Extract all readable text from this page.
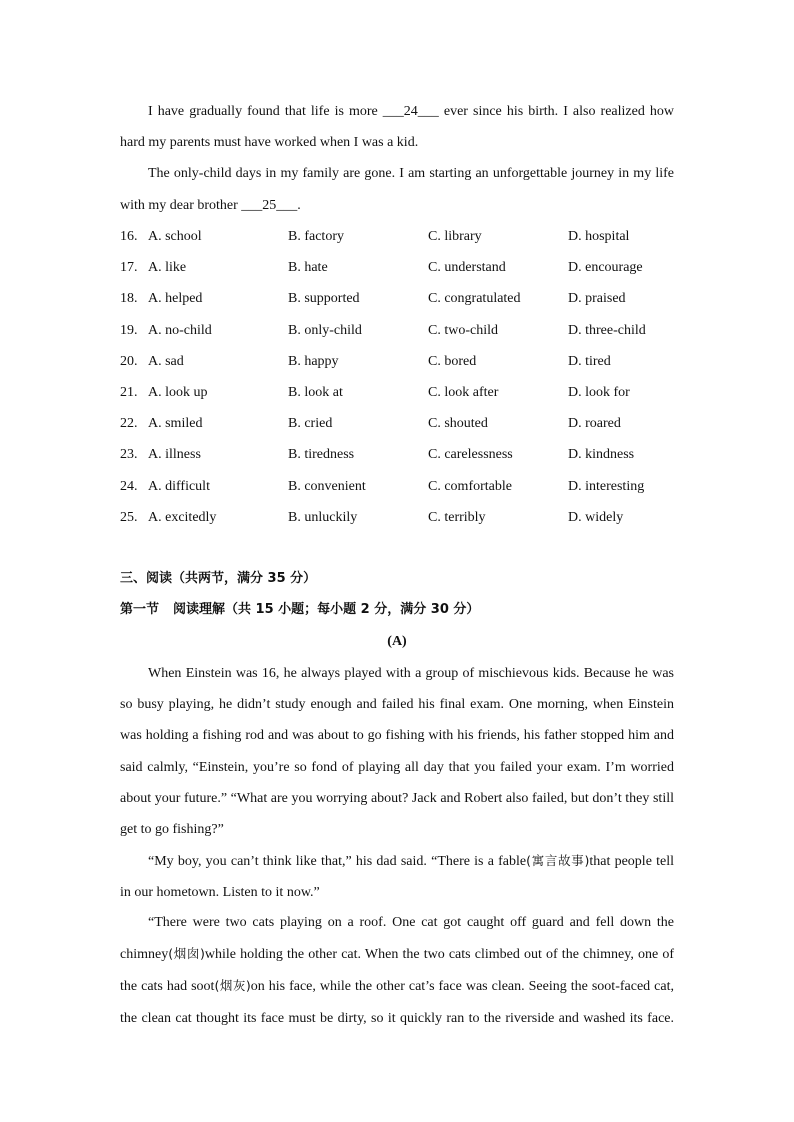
I have gradually found that life is more ___24___ ever since his birth. I also realized how
hard my parents must have worked when I was a kid.

The only-child days in my family are gone. I am starting an unforgettable journey in my life
with my dear brother ___25___.

16. A. school	B. factory	C. library	D. hospital
17. A. like	B. hate	C. understand	D. encourage
18. A. helped	B. supported	C. congratulated	D. praised
19. A. no-child	B. only-child	C. two-child	D. three-child
20. A. sad	B. happy	C. bored	D. tired
21. A. look up	B. look at	C. look after	D. look for
22. A. smiled	B. cried	C. shouted	D. roared
23. A. illness	B. tiredness	C. carelessness	D. kindness
24. A. difficult	B. convenient	C. comfortable	D. interesting
25. A. excitedly	B. unluckily	C. terribly	D. widely
三、阅读（共两节，满分 35 分）
第一节 阅读理解（共 15 小题；每小题 2 分，满分 30 分）
(A)

When Einstein was 16, he always played with a group of mischievous kids. Because he was
so busy playing, he didn’t study enough and failed his final exam. One morning, when Einstein
was holding a fishing rod and was about to go fishing with his friends, his father stopped him and
said calmly, “Einstein, you’re so fond of playing all day that you failed your exam. I’m worried
about your future.” “What are you worrying about? Jack and Robert also failed, but don’t they still
get to go fishing?”

“My boy, you can’t think like that,” his dad said. “There is a fable(寓言故事)that people tell
in our hometown. Listen to it now.”

“There were two cats playing on a roof. One cat got caught off guard and fell down the
chimney(烟囱)while holding the other cat. When the two cats climbed out of the chimney, one of
the cats had soot(烟灰)on his face, while the other cat’s face was clean. Seeing the soot-faced cat,
the clean cat thought its face must be dirty, so it quickly ran to the riverside and washed its face.
